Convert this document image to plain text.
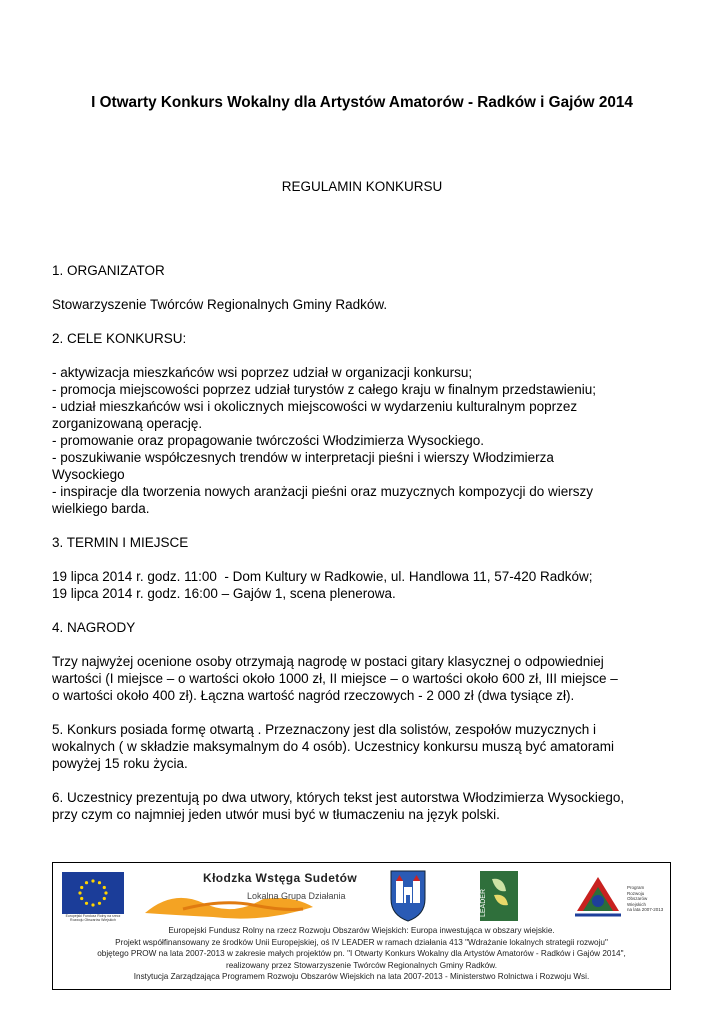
I Otwarty Konkurs Wokalny dla Artystów Amatorów - Radków i Gajów 2014
REGULAMIN KONKURSU

1. ORGANIZATOR

Stowarzyszenie Twórców Regionalnych Gminy Radków.

2. CELE KONKURSU:

- aktywizacja mieszkańców wsi poprzez udział w organizacji konkursu;

- promocja miejscowości poprzez udział turystów z całego kraju w finalnym przedstawieniu;

- udział mieszkańców wsi i okolicznych miejscowości w wydarzeniu kulturalnym poprzez

zorganizowaną operację.

- promowanie oraz propagowanie twórczości Włodzimierza Wysockiego.

- poszukiwanie współczesnych trendów w interpretacji pieśni i wierszy Włodzimierza

Wysockiego

- inspiracje dla tworzenia nowych aranżacji pieśni oraz muzycznych kompozycji do wierszy

wielkiego barda.

3. TERMIN I MIEJSCE

19 lipca 2014 r. godz. 11:00  - Dom Kultury w Radkowie, ul. Handlowa 11, 57-420 Radków;

19 lipca 2014 r. godz. 16:00 – Gajów 1, scena plenerowa.

4. NAGRODY

Trzy najwyżej ocenione osoby otrzymają nagrodę w postaci gitary klasycznej o odpowiedniej

wartości (I miejsce – o wartości około 1000 zł, II miejsce – o wartości około 600 zł, III miejsce –

o wartości około 400 zł). Łączna wartość nagród rzeczowych - 2 000 zł (dwa tysiące zł).

5. Konkurs posiada formę otwartą . Przeznaczony jest dla solistów, zespołów muzycznych i

wokalnych ( w składzie maksymalnym do 4 osób). Uczestnicy konkursu muszą być amatorami

powyżej 15 roku życia.

6. Uczestnicy prezentują po dwa utwory, których tekst jest autorstwa Włodzimierza Wysockiego,

przy czym co najmniej jeden utwór musi być w tłumaczeniu na język polski.

Europejski Fundusz Rolny na rzecz Rozwoju Obszarów Wiejskich
Kłodzka Wstęga Sudetów
Lokalna Grupa Działania	LEADER
Program
Rozwoju
Obszarów
Wiejskich
na lata 2007-2013

Europejski Fundusz Rolny na rzecz Rozwoju Obszarów Wiejskich: Europa inwestująca w obszary wiejskie.

Projekt współfinansowany ze środków Unii Europejskiej, oś IV LEADER w ramach działania 413 "Wdrażanie lokalnych strategii rozwoju"

objętego PROW na lata 2007-2013 w zakresie małych projektów pn. "I Otwarty Konkurs Wokalny dla Artystów Amatorów - Radków i Gajów 2014",

realizowany przez Stowarzyszenie Twórców Regionalnych Gminy Radków.

Instytucja Zarządzająca Programem Rozwoju Obszarów Wiejskich na lata 2007-2013 - Ministerstwo Rolnictwa i Rozwoju Wsi.
